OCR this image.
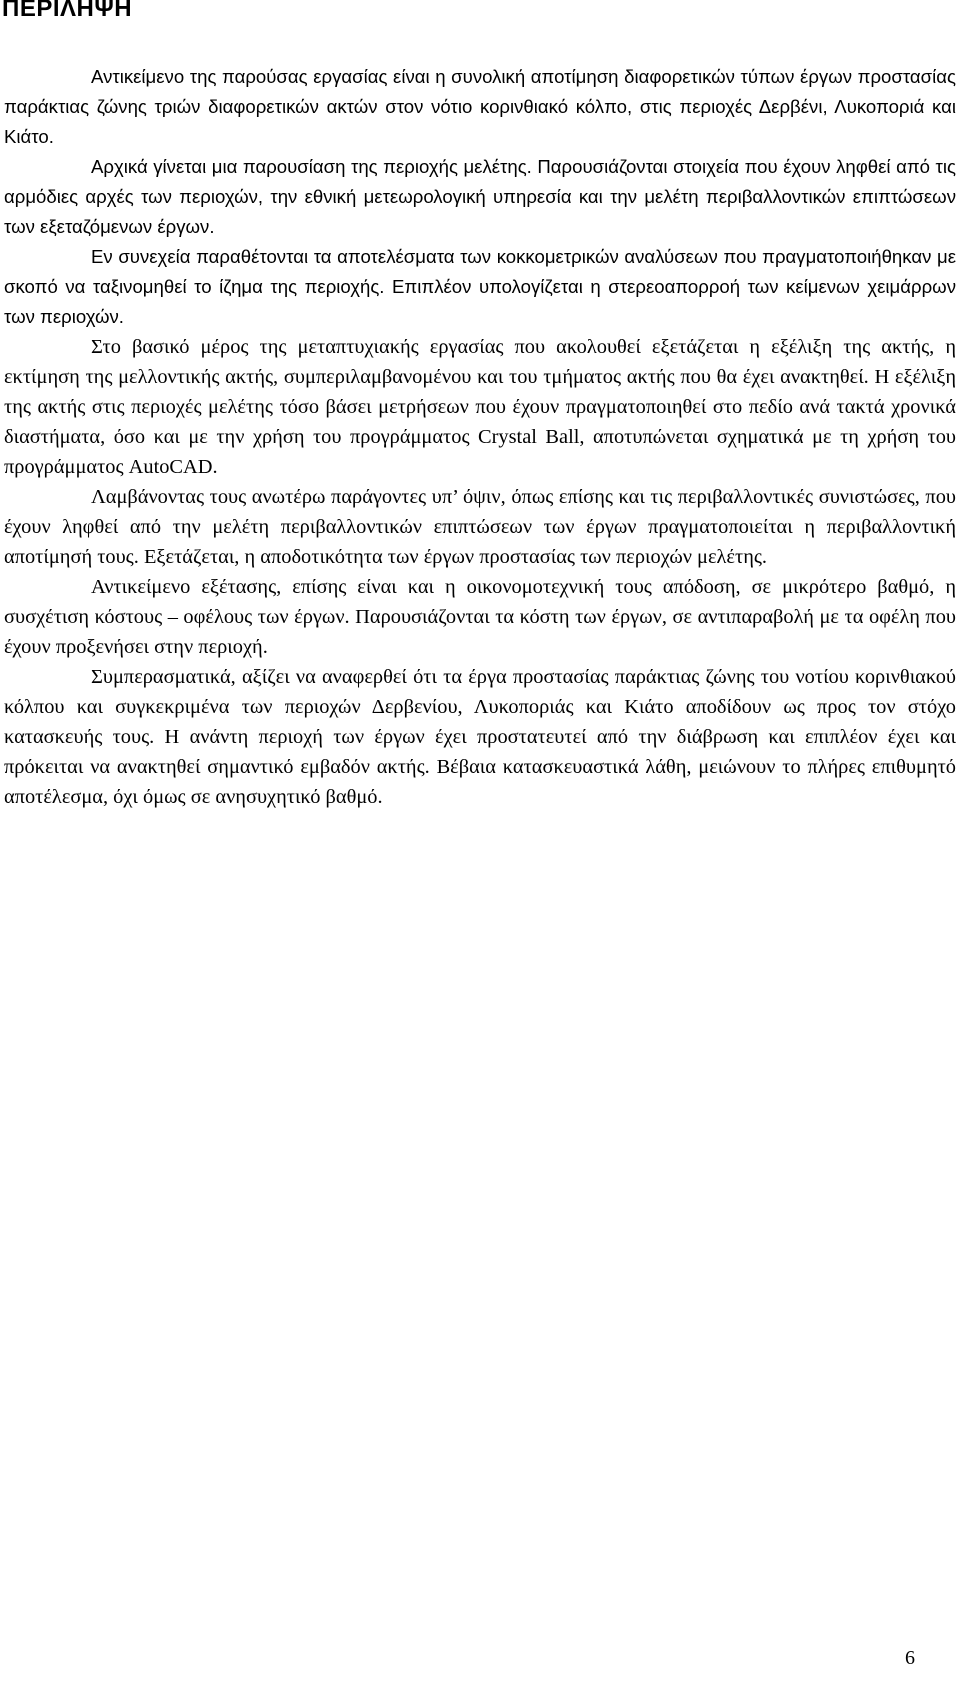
ΠΕΡΙΛΗΨΗ

Αντικείμενο της παρούσας εργασίας είναι η συνολική αποτίμηση διαφορετικών τύπων έργων προστασίας παράκτιας ζώνης τριών διαφορετικών ακτών στον νότιο κορινθιακό κόλπο, στις περιοχές Δερβένι, Λυκοποριά και Κιάτο.

Αρχικά γίνεται μια παρουσίαση της περιοχής μελέτης. Παρουσιάζονται στοιχεία που έχουν ληφθεί από τις αρμόδιες αρχές των περιοχών, την εθνική μετεωρολογική υπηρεσία και την μελέτη περιβαλλοντικών επιπτώσεων των εξεταζόμενων έργων.

Εν συνεχεία παραθέτονται τα αποτελέσματα των κοκκομετρικών αναλύσεων που πραγματοποιήθηκαν με σκοπό να ταξινομηθεί το ίζημα της περιοχής. Επιπλέον υπολογίζεται η στερεοαπορροή των κείμενων χειμάρρων των περιοχών.

Στο βασικό μέρος της μεταπτυχιακής εργασίας που ακολουθεί εξετάζεται η εξέλιξη της ακτής, η εκτίμηση της μελλοντικής ακτής, συμπεριλαμβανομένου και του τμήματος ακτής που θα έχει ανακτηθεί. Η εξέλιξη της ακτής στις περιοχές μελέτης τόσο βάσει μετρήσεων που έχουν πραγματοποιηθεί στο πεδίο ανά τακτά χρονικά διαστήματα, όσο και με την χρήση του προγράμματος Crystal Ball, αποτυπώνεται σχηματικά με τη χρήση του προγράμματος AutoCAD.

Λαμβάνοντας τους ανωτέρω παράγοντες υπ’ όψιν, όπως επίσης και τις περιβαλλοντικές συνιστώσες, που έχουν ληφθεί από την μελέτη περιβαλλοντικών επιπτώσεων των έργων πραγματοποιείται η περιβαλλοντική αποτίμησή τους. Εξετάζεται, η αποδοτικότητα των έργων προστασίας των περιοχών μελέτης.

Αντικείμενο εξέτασης, επίσης είναι και η οικονομοτεχνική τους απόδοση, σε μικρότερο βαθμό, η συσχέτιση κόστους – οφέλους των έργων. Παρουσιάζονται τα κόστη των έργων, σε αντιπαραβολή με τα οφέλη που έχουν προξενήσει στην περιοχή.

Συμπερασματικά, αξίζει να αναφερθεί ότι τα έργα προστασίας παράκτιας ζώνης του νοτίου κορινθιακού κόλπου και συγκεκριμένα των περιοχών Δερβενίου, Λυκοποριάς και Κιάτο αποδίδουν ως προς τον στόχο κατασκευής τους. Η ανάντη περιοχή των έργων έχει προστατευτεί από την διάβρωση και επιπλέον έχει και πρόκειται να ανακτηθεί σημαντικό εμβαδόν ακτής. Βέβαια κατασκευαστικά λάθη, μειώνουν το πλήρες επιθυμητό αποτέλεσμα, όχι όμως σε ανησυχητικό βαθμό.

6
